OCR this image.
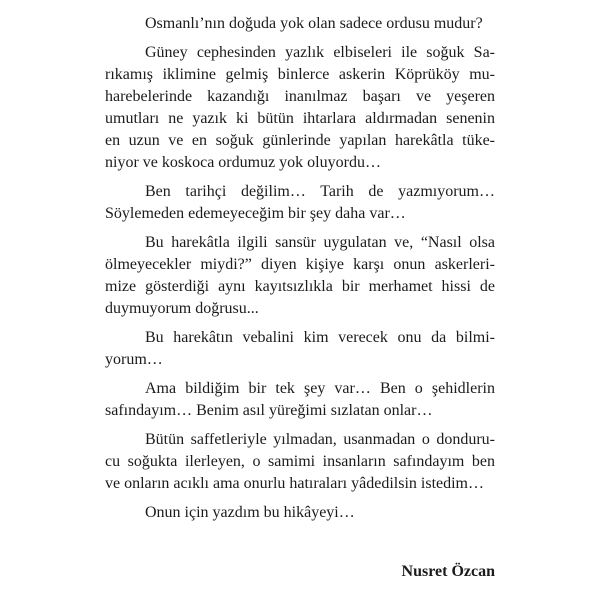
Osmanlı’nın doğuda yok olan sadece ordusu mudur?
Güney cephesinden yazlık elbiseleri ile soğuk Sa-
rıkamış iklimine gelmiş binlerce askerin Köprüköy mu-
harebelerinde kazandığı inanılmaz başarı ve yeşeren
umutları ne yazık ki bütün ihtarlara aldırmadan senenin
en uzun ve en soğuk günlerinde yapılan harekâtla tüke-
niyor ve koskoca ordumuz yok oluyordu…
Ben tarihçi değilim… Tarih de yazmıyorum…
Söylemeden edemeyeceğim bir şey daha var…
Bu harekâtla ilgili sansür uygulatan ve, “Nasıl olsa
ölmeyecekler miydi?” diyen kişiye karşı onun askerleri-
mize gösterdiği aynı kayıtsızlıkla bir merhamet hissi de
duymuyorum doğrusu...
Bu harekâtın vebalini kim verecek onu da bilmi-
yorum…
Ama bildiğim bir tek şey var… Ben o şehidlerin
safındayım… Benim asıl yüreğimi sızlatan onlar…
Bütün saffetleriyle yılmadan, usanmadan o donduru-
cu soğukta ilerleyen, o samimi insanların safındayım ben
ve onların acıklı ama onurlu hatıraları yâdedilsin istedim…
Onun için yazdım bu hikâyeyi…
Nusret Özcan
